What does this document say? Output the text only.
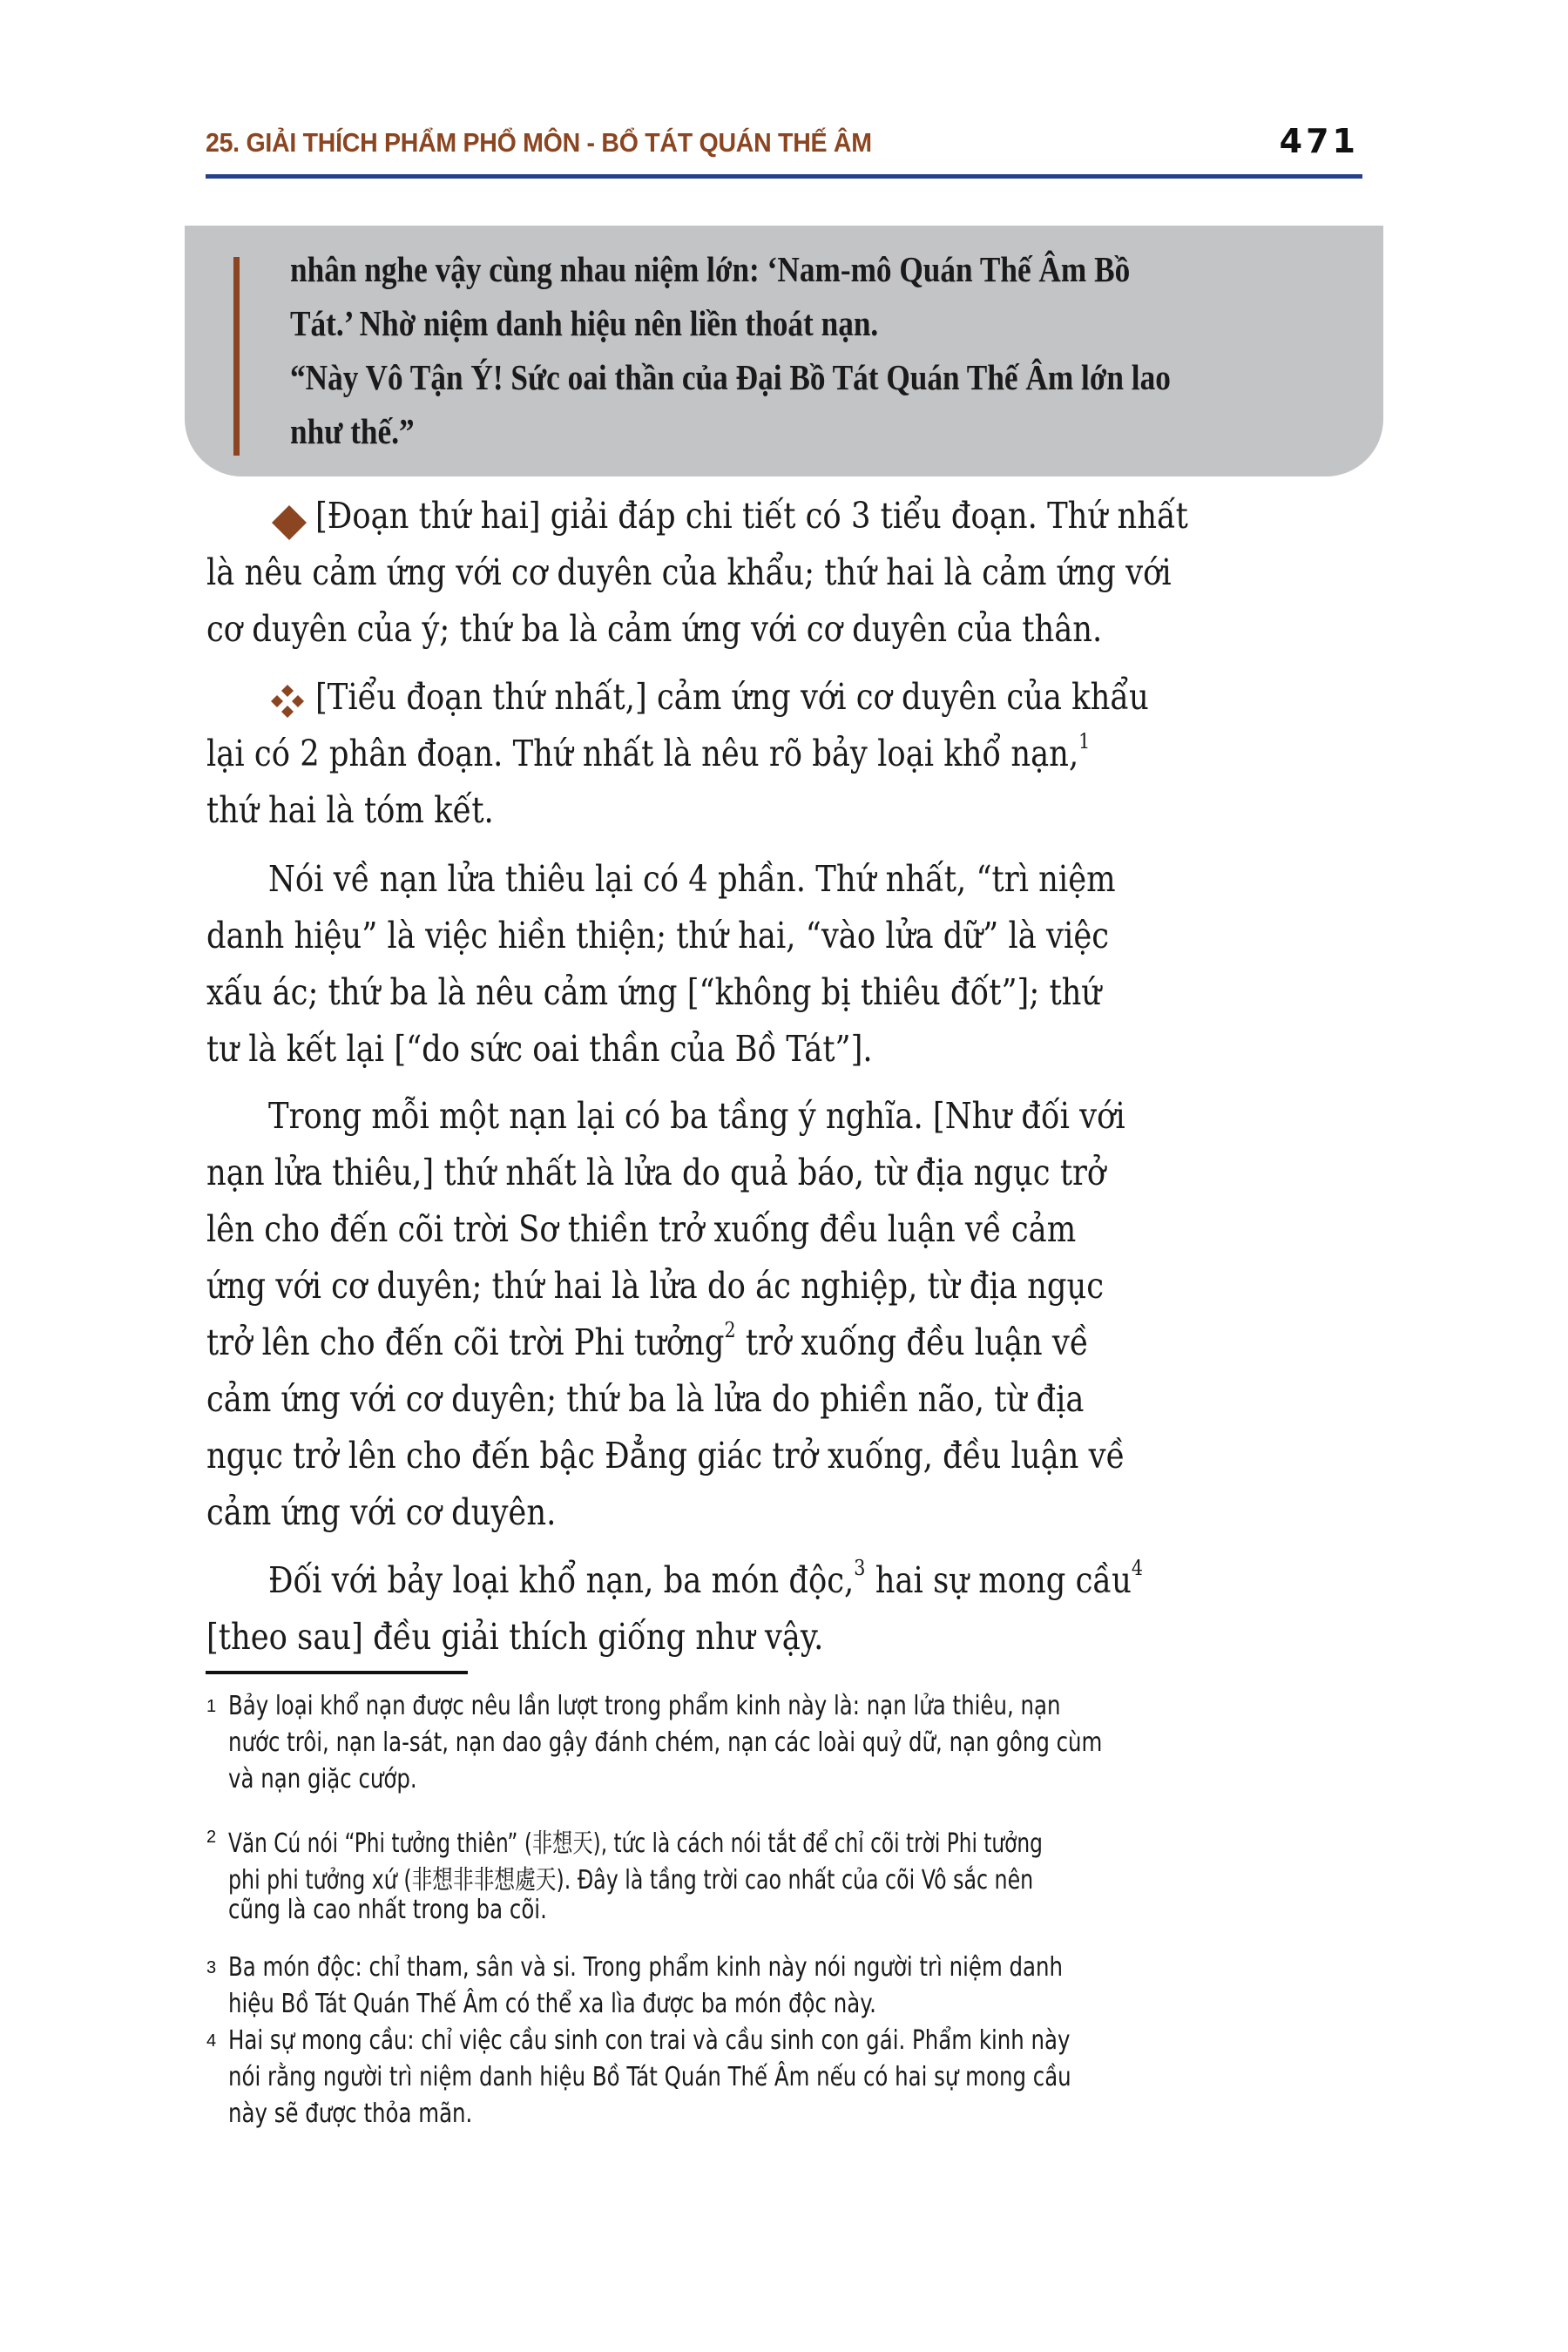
25. GIẢI THÍCH PHẨM PHỔ MÔN - BỔ TÁT QUÁN THẾ ÂM	471
nhân nghe vậy cùng nhau niệm lớn: ‘Nam-mô Quán Thế Âm Bồ
Tát.’ Nhờ niệm danh hiệu nên liền thoát nạn.
“Này Vô Tận Ý! Sức oai thần của Đại Bồ Tát Quán Thế Âm lớn lao
như thế.”
[Đoạn thứ hai] giải đáp chi tiết có 3 tiểu đoạn. Thứ nhất
là nêu cảm ứng với cơ duyên của khẩu; thứ hai là cảm ứng với
cơ duyên của ý; thứ ba là cảm ứng với cơ duyên của thân.
[Tiểu đoạn thứ nhất,] cảm ứng với cơ duyên của khẩu
lại có 2 phân đoạn. Thứ nhất là nêu rõ bảy loại khổ nạn,$^1$
thứ hai là tóm kết.
Nói về nạn lửa thiêu lại có 4 phần. Thứ nhất, “trì niệm
danh hiệu” là việc hiền thiện; thứ hai, “vào lửa dữ” là việc
xấu ác; thứ ba là nêu cảm ứng [“không bị thiêu đốt”]; thứ
tư là kết lại [“do sức oai thần của Bồ Tát”].
Trong mỗi một nạn lại có ba tầng ý nghĩa. [Như đối với
nạn lửa thiêu,] thứ nhất là lửa do quả báo, từ địa ngục trở
lên cho đến cõi trời Sơ thiền trở xuống đều luận về cảm
ứng với cơ duyên; thứ hai là lửa do ác nghiệp, từ địa ngục
trở lên cho đến cõi trời Phi tưởng$^2$ trở xuống đều luận về
cảm ứng với cơ duyên; thứ ba là lửa do phiền não, từ địa
ngục trở lên cho đến bậc Đẳng giác trở xuống, đều luận về
cảm ứng với cơ duyên.
Đối với bảy loại khổ nạn, ba món độc,$^3$ hai sự mong cầu$^4$
[theo sau] đều giải thích giống như vậy.
1 Bảy loại khổ nạn được nêu lần lượt trong phẩm kinh này là: nạn lửa thiêu, nạn
nước trôi, nạn la-sát, nạn dao gậy đánh chém, nạn các loài quỷ dữ, nạn gông cùm
và nạn giặc cướp.
2 Văn Cú nói “Phi tưởng thiên” (非想天), tức là cách nói tắt để chỉ cõi trời Phi tưởng
phi phi tưởng xứ (非想非非想處天). Đây là tầng trời cao nhất của cõi Vô sắc nên
cũng là cao nhất trong ba cõi.
3 Ba món độc: chỉ tham, sân và si. Trong phẩm kinh này nói người trì niệm danh
hiệu Bồ Tát Quán Thế Âm có thể xa lìa được ba món độc này.
4 Hai sự mong cầu: chỉ việc cầu sinh con trai và cầu sinh con gái. Phẩm kinh này
nói rằng người trì niệm danh hiệu Bồ Tát Quán Thế Âm nếu có hai sự mong cầu
này sẽ được thỏa mãn.
